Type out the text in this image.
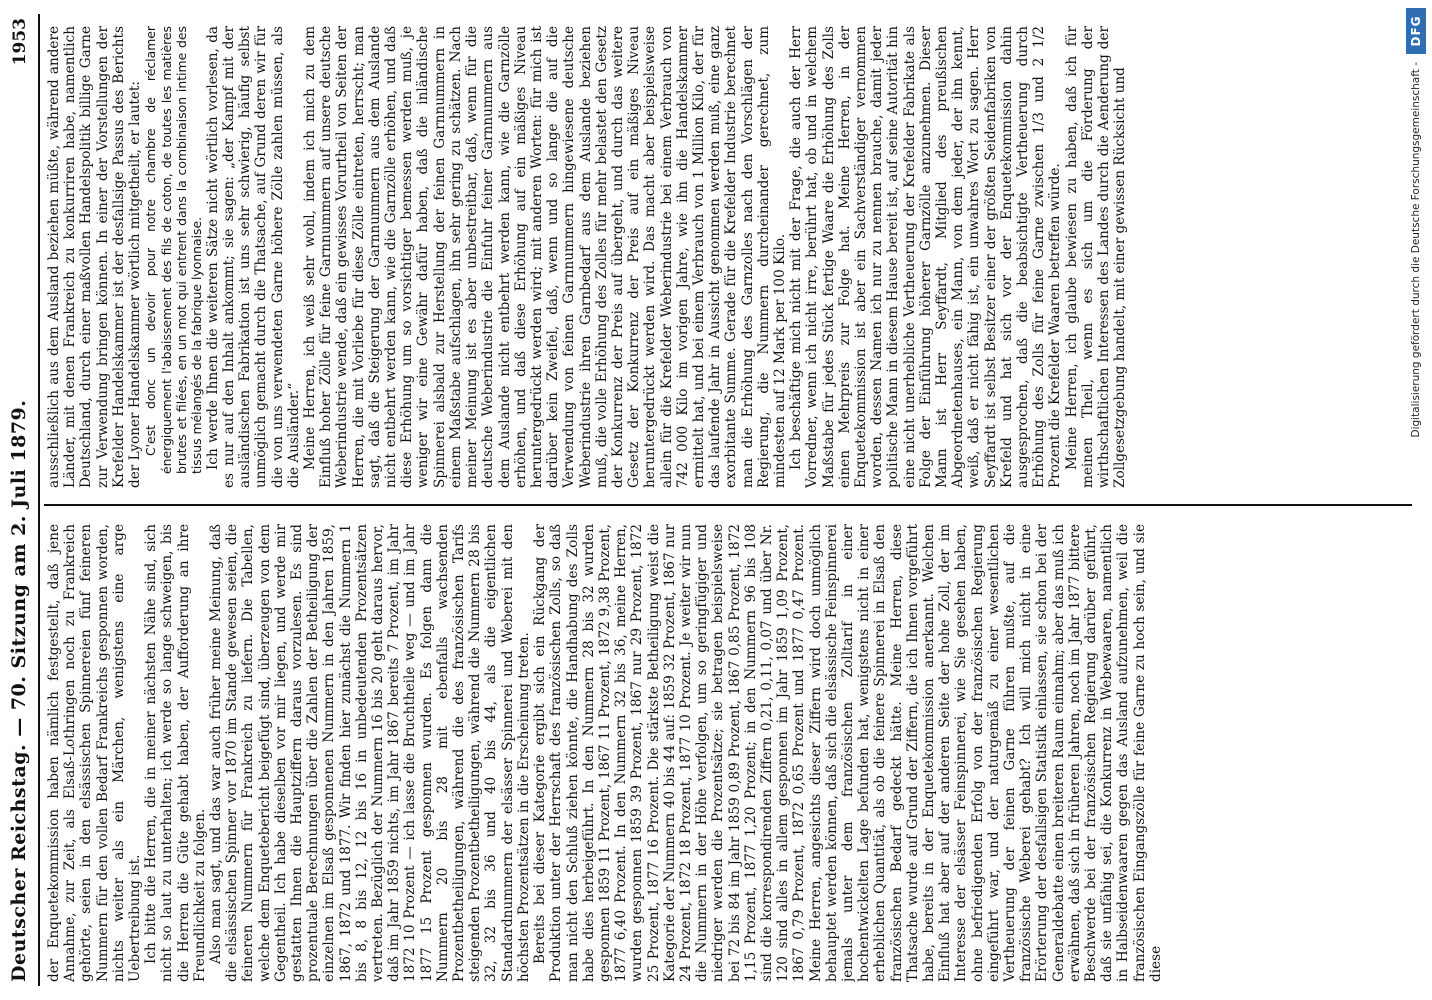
Deutscher Reichstag. — 70. Sitzung am 2. Juli 1879.
1953

der Enquetekommission haben nämlich festgestellt, daß jene Annahme, zur Zeit, als Elsaß-Lothringen noch zu Frankreich gehörte, seien in den elsässischen Spinnereien fünf feineren Nummern für den vollen Bedarf Frankreichs gesponnen worden, nichts weiter als ein Märchen, wenigstens eine arge Uebertreibung ist. Ich bitte die Herren, die in meiner nächsten Nähe sind, sich nicht so laut zu unterhalten; ich werde so lange schweigen, bis die Herren die Güte gehabt haben, der Aufforderung an ihre Freundlichkeit zu folgen. Also man sagt, und das war auch früher meine Meinung, daß die elsässischen Spinner vor 1870 im Stande gewesen seien, die feineren Nummern für Frankreich zu liefern. Die Tabellen, welche dem Enquetebericht beigefügt sind, überzeugen von dem Gegentheil. Ich habe dieselben vor mir liegen, und werde mir gestatten Ihnen die Hauptziffern daraus vorzulesen. Es sind prozentuale Berechnungen über die Zahlen der Betheiligung der einzelnen im Elsaß gesponnenen Nummern in den Jahren 1859, 1867, 1872 und 1877. Wir finden hier zunächst die Nummern 1 bis 8, 8 bis 12, 12 bis 16 in unbedeutenden Prozentsätzen vertreten. Bezüglich der Nummern 16 bis 20 geht daraus hervor, daß im Jahr 1859 nichts, im Jahr 1867 bereits 7 Prozent, im Jahr 1872 10 Prozent — ich lasse die Bruchtheile weg — und im Jahr 1877 15 Prozent gesponnen wurden. Es folgen dann die Nummern 20 bis 28 mit ebenfalls wachsenden Prozentbetheiligungen, während die des französischen Tarifs steigenden Prozentbetheiligungen, während die Nummern 28 bis 32, 32 bis 36 und 40 bis 44, als die eigentlichen Standardnummern der elsässer Spinnerei und Weberei mit den höchsten Prozentsätzen in die Erscheinung treten. Bereits bei dieser Kategorie ergibt sich ein Rückgang der Produktion unter der Herrschaft des französischen Zolls, so daß man nicht den Schluß ziehen könnte, die Handhabung des Zolls habe dies herbeigeführt. In den Nummern 28 bis 32 wurden gesponnen 1859 11 Prozent, 1867 11 Prozent, 1872 9,38 Prozent, 1877 6,40 Prozent. In den Nummern 32 bis 36, meine Herren, wurden gesponnen 1859 39 Prozent, 1867 nur 29 Prozent, 1872 25 Prozent, 1877 16 Prozent. Die stärkste Betheiligung weist die Kategorie der Nummern 40 bis 44 auf: 1859 32 Prozent, 1867 nur 24 Prozent, 1872 18 Prozent, 1877 10 Prozent. Je weiter wir nun die Nummern in der Höhe verfolgen, um so geringfügiger und niedriger werden die Prozentsätze; sie betragen beispielsweise bei 72 bis 84 im Jahr 1859 0,89 Prozent, 1867 0,85 Prozent, 1872 1,15 Prozent, 1877 1,20 Prozent; in den Nummern 96 bis 108 sind die korrespondirenden Ziffern 0,21, 0,11, 0,07 und über Nr. 120 sind alles in allem gesponnen im Jahr 1859 1,09 Prozent, 1867 0,79 Prozent, 1872 0,65 Prozent und 1877 0,47 Prozent. Meine Herren, angesichts dieser Ziffern wird doch unmöglich behauptet werden können, daß sich die elsässische Feinspinnerei jemals unter dem französischen Zolltarif in einer hochentwickelten Lage befunden hat, wenigstens nicht in einer erheblichen Quantität, als ob die feinere Spinnerei in Elsaß den französischen Bedarf gedeckt hätte. Meine Herren, diese Thatsache wurde auf Grund der Ziffern, die ich Ihnen vorgeführt habe, bereits in der Enquetekommission anerkannt. Welchen Einfluß hat aber auf der anderen Seite der hohe Zoll, der im Interesse der elsässer Feinspinnerei, wie Sie gesehen haben, ohne befriedigenden Erfolg von der französischen Regierung eingeführt war, und der naturgemäß zu einer wesentlichen Vertheuerung der feinen Garne führen mußte, auf die französische Weberei gehabt? Ich will mich nicht in eine Erörterung der desfallsigen Statistik einlassen, sie schon bei der Generaldebatte einen breiteren Raum einnahm; aber das muß ich erwähnen, daß sich in früheren Jahren, noch im Jahr 1877 bittere Beschwerde bei der französischen Regierung darüber geführt, daß sie unfähig sei, die Konkurrenz in Webewaaren, namentlich in Halbseidenwaaren gegen das Ausland aufzunehmen, weil die französischen Eingangszölle für feine Garne zu hoch sein, und sie diese

ausschließlich aus dem Ausland beziehen müßte, während andere Länder, mit denen Frankreich zu konkurriren habe, namentlich Deutschland, durch einer maßvollen Handelspolitik billige Garne zur Verwendung bringen können. In einer der Vorstellungen der Krefelder Handelskammer ist der desfallsige Passus des Berichts der Lyoner Handelskammer wörtlich mitgetheilt, er lautet: C'est donc un devoir pour notre chambre de réclamer énergiquement l'abaissement des fils de coton, de toutes les matières brutes et filées, en un mot qui entrent dans la combinaison intime des tissus mélangés de la fabrique lyonnaise. Ich werde Ihnen die weiteren Sätze nicht wörtlich vorlesen, da es nur auf den Inhalt ankommt; sie sagen: „der Kampf mit der ausländischen Fabrikation ist uns sehr schwierig, häufig selbst unmöglich gemacht durch die Thatsache, auf Grund deren wir für die von uns verwendeten Garne höhere Zölle zahlen müssen, als die Ausländer.“ Meine Herren, ich weiß sehr wohl, indem ich mich zu dem Einfluß hoher Zölle für feine Garnnummern auf unsere deutsche Weberindustrie wende, daß ein gewisses Vorurtheil von Seiten der Herren, die mit Vorliebe für diese Zölle eintreten, herrscht; man sagt, daß die Steigerung der Garnnummern aus dem Auslande nicht entbehrt werden kann, wie die Garnzölle erhöhen, und daß diese Erhöhung um so vorsichtiger bemessen werden muß, je weniger wir eine Gewähr dafür haben, daß die inländische Spinnerei alsbald zur Herstellung der feinen Garnnummern in einem Maßstabe aufschlagen, ihn sehr gering zu schätzen. Nach meiner Meinung ist es aber unbestreitbar, daß, wenn für die deutsche Weberindustrie die Einfuhr feiner Garnnummern aus dem Auslande nicht entbehrt werden kann, wie die Garnzölle erhöhen, und daß diese Erhöhung auf ein mäßiges Niveau heruntergedrückt werden wird; mit anderen Worten: für mich ist darüber kein Zweifel, daß, wenn und so lange die auf die Verwendung von feinen Garnnummern hingewiesene deutsche Weberindustrie ihren Garnbedarf aus dem Auslande beziehen muß, die volle Erhöhung des Zolles für mehr belastet den Gesetz der Konkurrenz der Preis auf übergeht, und durch das weitere Gesetz der Konkurrenz der Preis auf ein mäßiges Niveau heruntergedrückt werden wird. Das macht aber beispielsweise allein für die Krefelder Weberindustrie bei einem Verbrauch von 742 000 Kilo im vorigen Jahre, wie ihn die Handelskammer ermittelt hat, und bei einem Verbrauch von 1 Million Kilo, der für das laufende Jahr in Aussicht genommen werden muß, eine ganz exorbitante Summe. Gerade für die Krefelder Industrie berechnet man die Erhöhung des Garnzolles nach den Vorschlägen der Regierung, die Nummern durcheinander gerechnet, zum mindesten auf 12 Mark per 100 Kilo. Ich beschäftige mich nicht mit der Frage, die auch der Herr Vorredner, wenn ich nicht irre, berührt hat, ob und in welchem Maßstabe für jedes Stück fertige Waare die Erhöhung des Zolls einen Mehrpreis zur Folge hat. Meine Herren, in der Enquetekommission ist aber ein Sachverständiger vernommen worden, dessen Namen ich nur zu nennen brauche, damit jeder politische Mann in diesem Hause bereit ist, auf seine Autorität hin eine nicht unerhebliche Vertheuerung der Krefelder Fabrikate als Folge der Einführung höherer Garnzölle anzunehmen. Dieser Mann ist Herr Seyffardt, Mitglied des preußischen Abgeordnetenhauses, ein Mann, von dem jeder, der ihn kennt, weiß, daß er nicht fähig ist, ein unwahres Wort zu sagen. Herr Seyffardt ist selbst Besitzer einer der größten Seidenfabriken von Krefeld und hat sich vor der Enquetekommission dahin ausgesprochen, daß die beabsichtigte Vertheuerung durch Erhöhung des Zolls für feine Garne zwischen 1/3 und 2 1/2 Prozent die Krefelder Waaren betreffen würde. Meine Herren, ich glaube bewiesen zu haben, daß ich für meinen Theil, wenn es sich um die Förderung der wirthschaftlichen Interessen des Landes durch die Aenderung der Zollgesetzgebung handelt, mit einer gewissen Rücksicht und	Digitalisierung gefördert durch die Deutsche Forschungsgemeinschaft -
DFG
